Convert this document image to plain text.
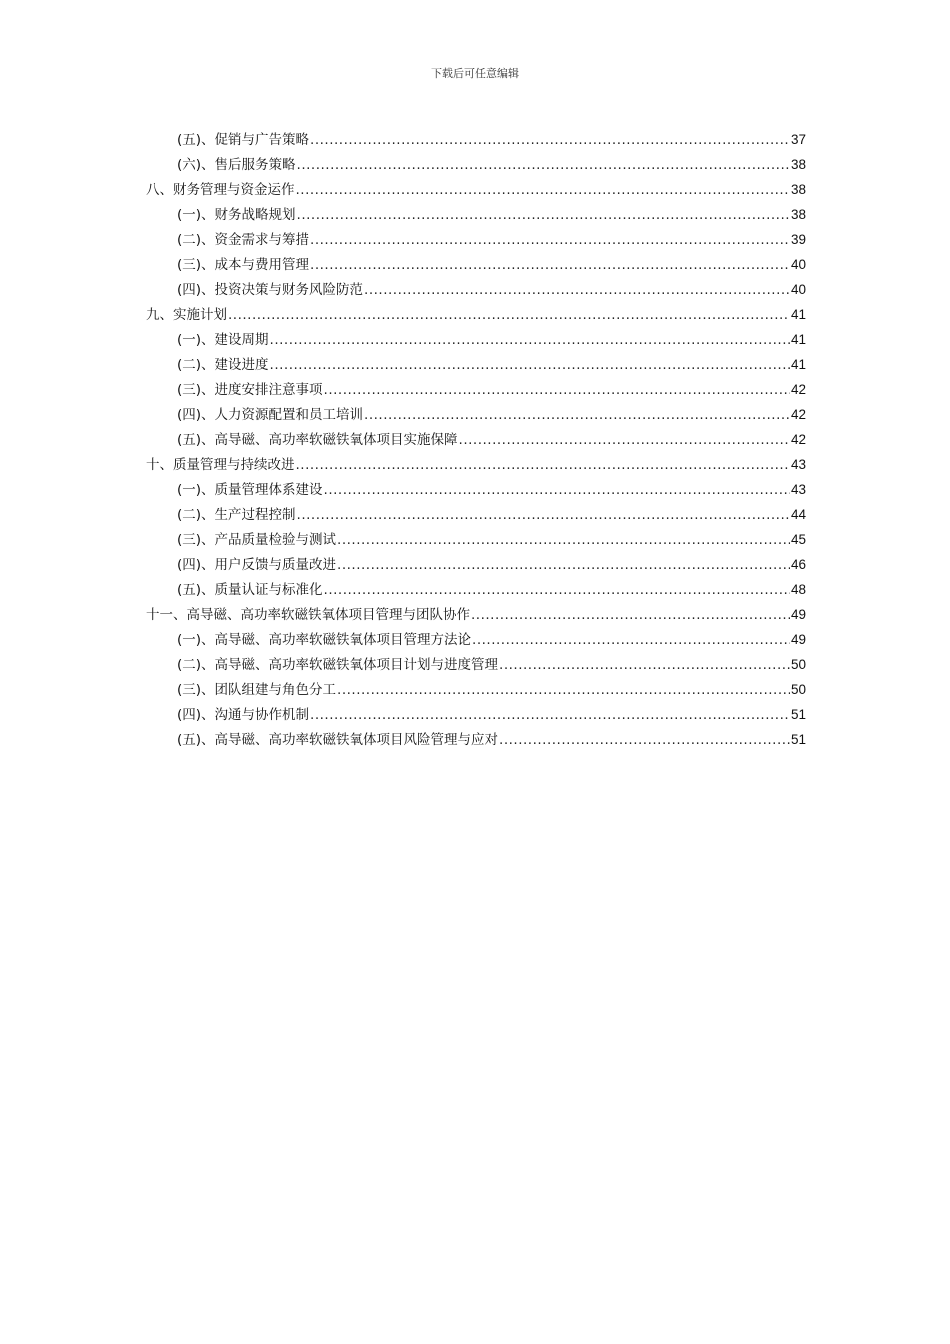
下载后可任意编辑
(五)、促销与广告策略 .....	37
(六)、售后服务策略 .....	38
八、财务管理与资金运作 .....	38
(一)、财务战略规划 .....	38
(二)、资金需求与筹措 .....	39
(三)、成本与费用管理 .....	40
(四)、投资决策与财务风险防范 .....	40
九、实施计划 .....	41
(一)、建设周期 .....	41
(二)、建设进度 .....	41
(三)、进度安排注意事项 .....	42
(四)、人力资源配置和员工培训 .....	42
(五)、高导磁、高功率软磁铁氧体项目实施保障 .....	42
十、质量管理与持续改进 .....	43
(一)、质量管理体系建设 .....	43
(二)、生产过程控制 .....	44
(三)、产品质量检验与测试 .....	45
(四)、用户反馈与质量改进 .....	46
(五)、质量认证与标准化 .....	48
十一、高导磁、高功率软磁铁氧体项目管理与团队协作 .....	49
(一)、高导磁、高功率软磁铁氧体项目管理方法论 .....	49
(二)、高导磁、高功率软磁铁氧体项目计划与进度管理 .....	50
(三)、团队组建与角色分工 .....	50
(四)、沟通与协作机制 .....	51
(五)、高导磁、高功率软磁铁氧体项目风险管理与应对 .....	51
